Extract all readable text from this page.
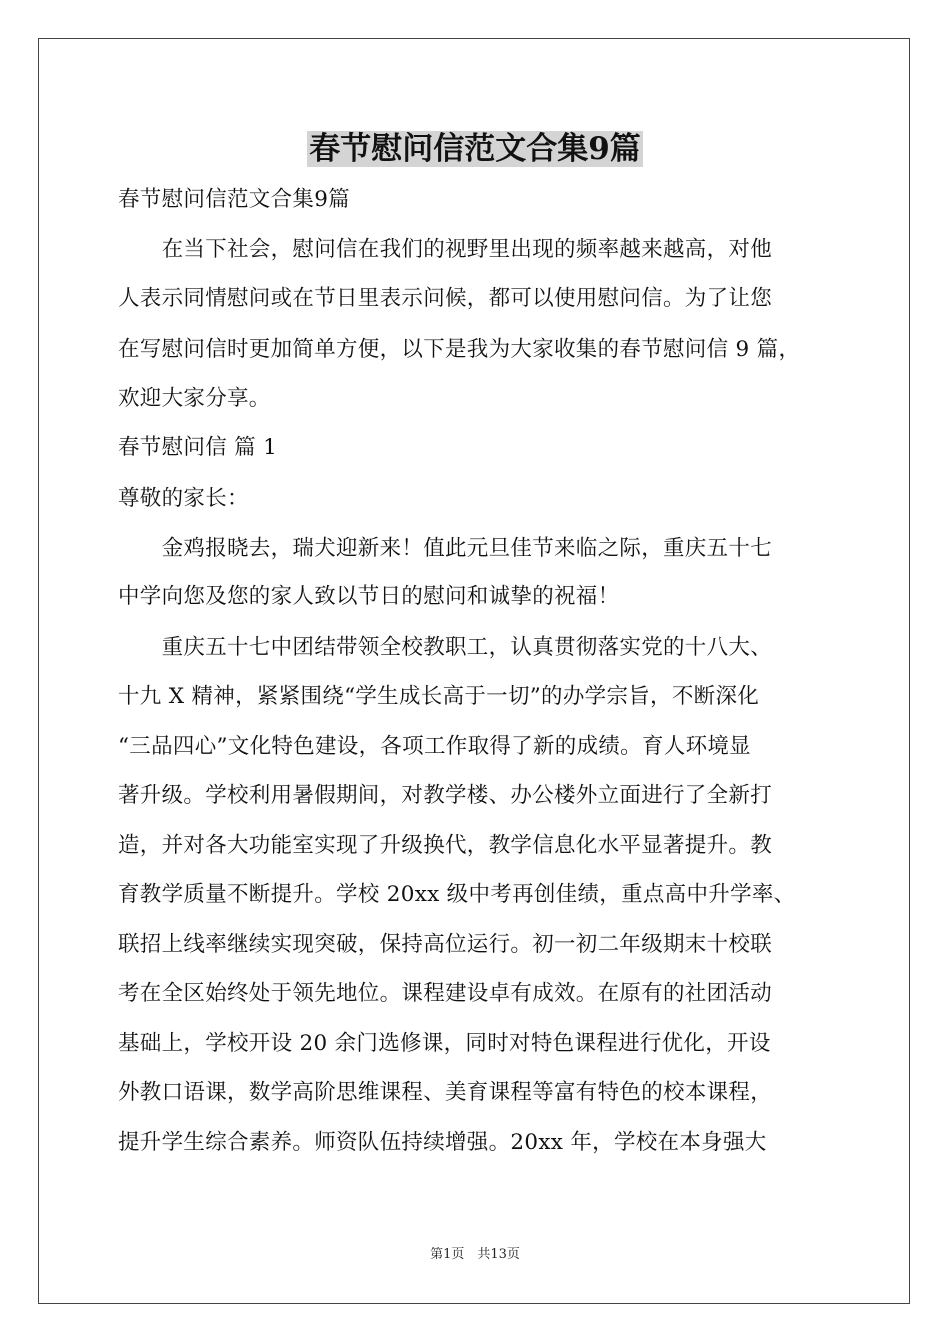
春节慰问信范文合集9篇
春节慰问信范文合集9篇
　　在当下社会，慰问信在我们的视野里出现的频率越来越高，对他
人表示同情慰问或在节日里表示问候，都可以使用慰问信。为了让您
在写慰问信时更加简单方便，以下是我为大家收集的春节慰问信 9 篇，
欢迎大家分享。
春节慰问信 篇 1
尊敬的家长：
　　金鸡报晓去，瑞犬迎新来！值此元旦佳节来临之际，重庆五十七
中学向您及您的家人致以节日的慰问和诚挚的祝福！
　　重庆五十七中团结带领全校教职工，认真贯彻落实党的十八大、
十九 X 精神，紧紧围绕“学生成长高于一切”的办学宗旨，不断深化
“三品四心”文化特色建设，各项工作取得了新的成绩。育人环境显
著升级。学校利用暑假期间，对教学楼、办公楼外立面进行了全新打
造，并对各大功能室实现了升级换代，教学信息化水平显著提升。教
育教学质量不断提升。学校 20xx 级中考再创佳绩，重点高中升学率、
联招上线率继续实现突破，保持高位运行。初一初二年级期末十校联
考在全区始终处于领先地位。课程建设卓有成效。在原有的社团活动
基础上，学校开设 20 余门选修课，同时对特色课程进行优化，开设
外教口语课，数学高阶思维课程、美育课程等富有特色的校本课程，
提升学生综合素养。师资队伍持续增强。20xx 年，学校在本身强大
第1页　共13页
